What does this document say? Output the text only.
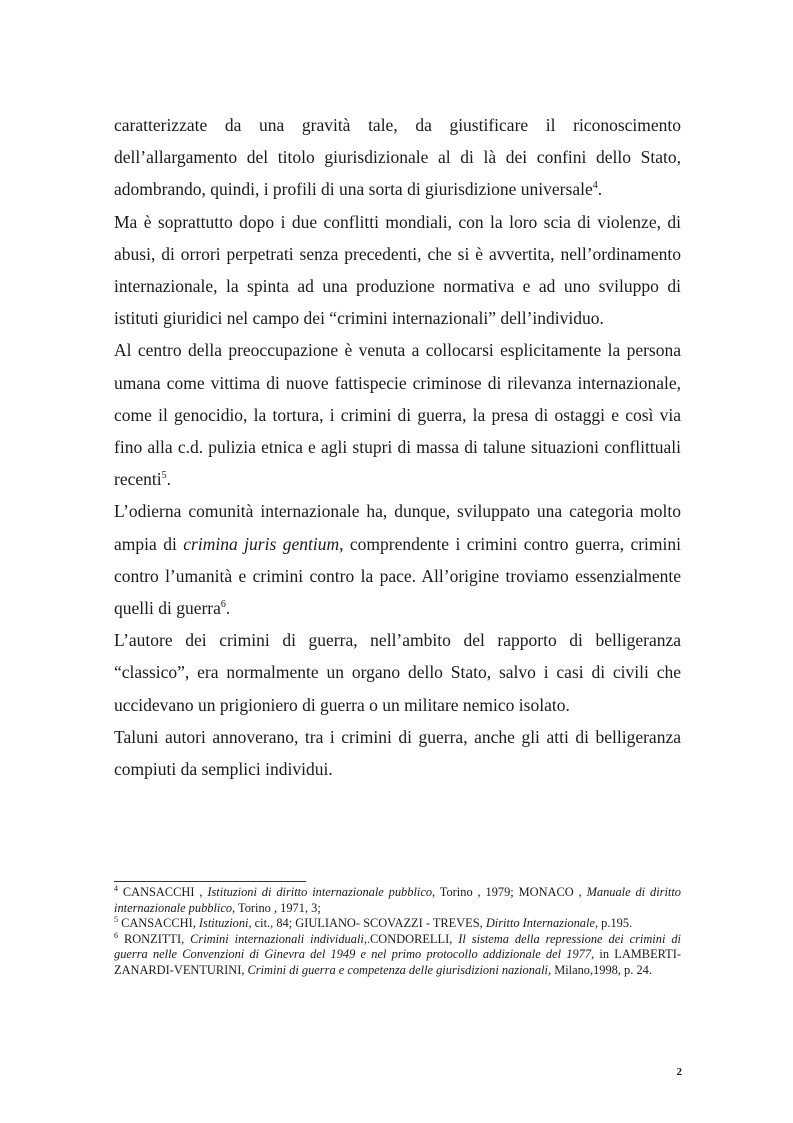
caratterizzate da una gravità tale, da giustificare il riconoscimento dell’allargamento del titolo giurisdizionale al di là dei confini dello Stato, adombrando, quindi, i profili di una sorta di giurisdizione universale$^4$.

Ma è soprattutto dopo i due conflitti mondiali, con la loro scia di violenze, di abusi, di orrori perpetrati senza precedenti, che si è avvertita, nell’ordinamento internazionale, la spinta ad una produzione normativa e ad uno sviluppo di istituti giuridici nel campo dei “crimini internazionali” dell’individuo.

Al centro della preoccupazione è venuta a collocarsi esplicitamente la persona umana come vittima di nuove fattispecie criminose di rilevanza internazionale, come il genocidio, la tortura, i crimini di guerra, la presa di ostaggi e così via fino alla c.d. pulizia etnica e agli stupri di massa di talune situazioni conflittuali recenti$^5$.

L’odierna comunità internazionale ha, dunque, sviluppato una categoria molto ampia di crimina juris gentium, comprendente i crimini contro guerra, crimini contro l’umanità e crimini contro la pace. All’origine troviamo essenzialmente quelli di guerra$^6$.

L’autore dei crimini di guerra, nell’ambito del rapporto di belligeranza “classico”, era normalmente un organo dello Stato, salvo i casi di civili che uccidevano un prigioniero di guerra o un militare nemico isolato.

Taluni autori annoverano, tra i crimini di guerra, anche gli atti di belligeranza compiuti da semplici individui.

$^4$ CANSACCHI , Istituzioni di diritto internazionale pubblico, Torino , 1979; MONACO , Manuale di diritto internazionale pubblico, Torino , 1971, 3;

$^5$ CANSACCHI, Istituzioni, cit., 84; GIULIANO- SCOVAZZI - TREVES, Diritto Internazionale, p.195.

$^6$ RONZITTI, Crimini internazionali individuali,.CONDORELLI, Il sistema della repressione dei crimini di guerra nelle Convenzioni di Ginevra del 1949 e nel primo protocollo addizionale del 1977, in LAMBERTI-ZANARDI-VENTURINI, Crimini di guerra e competenza delle giurisdizioni nazionali, Milano,1998, p. 24.

2
